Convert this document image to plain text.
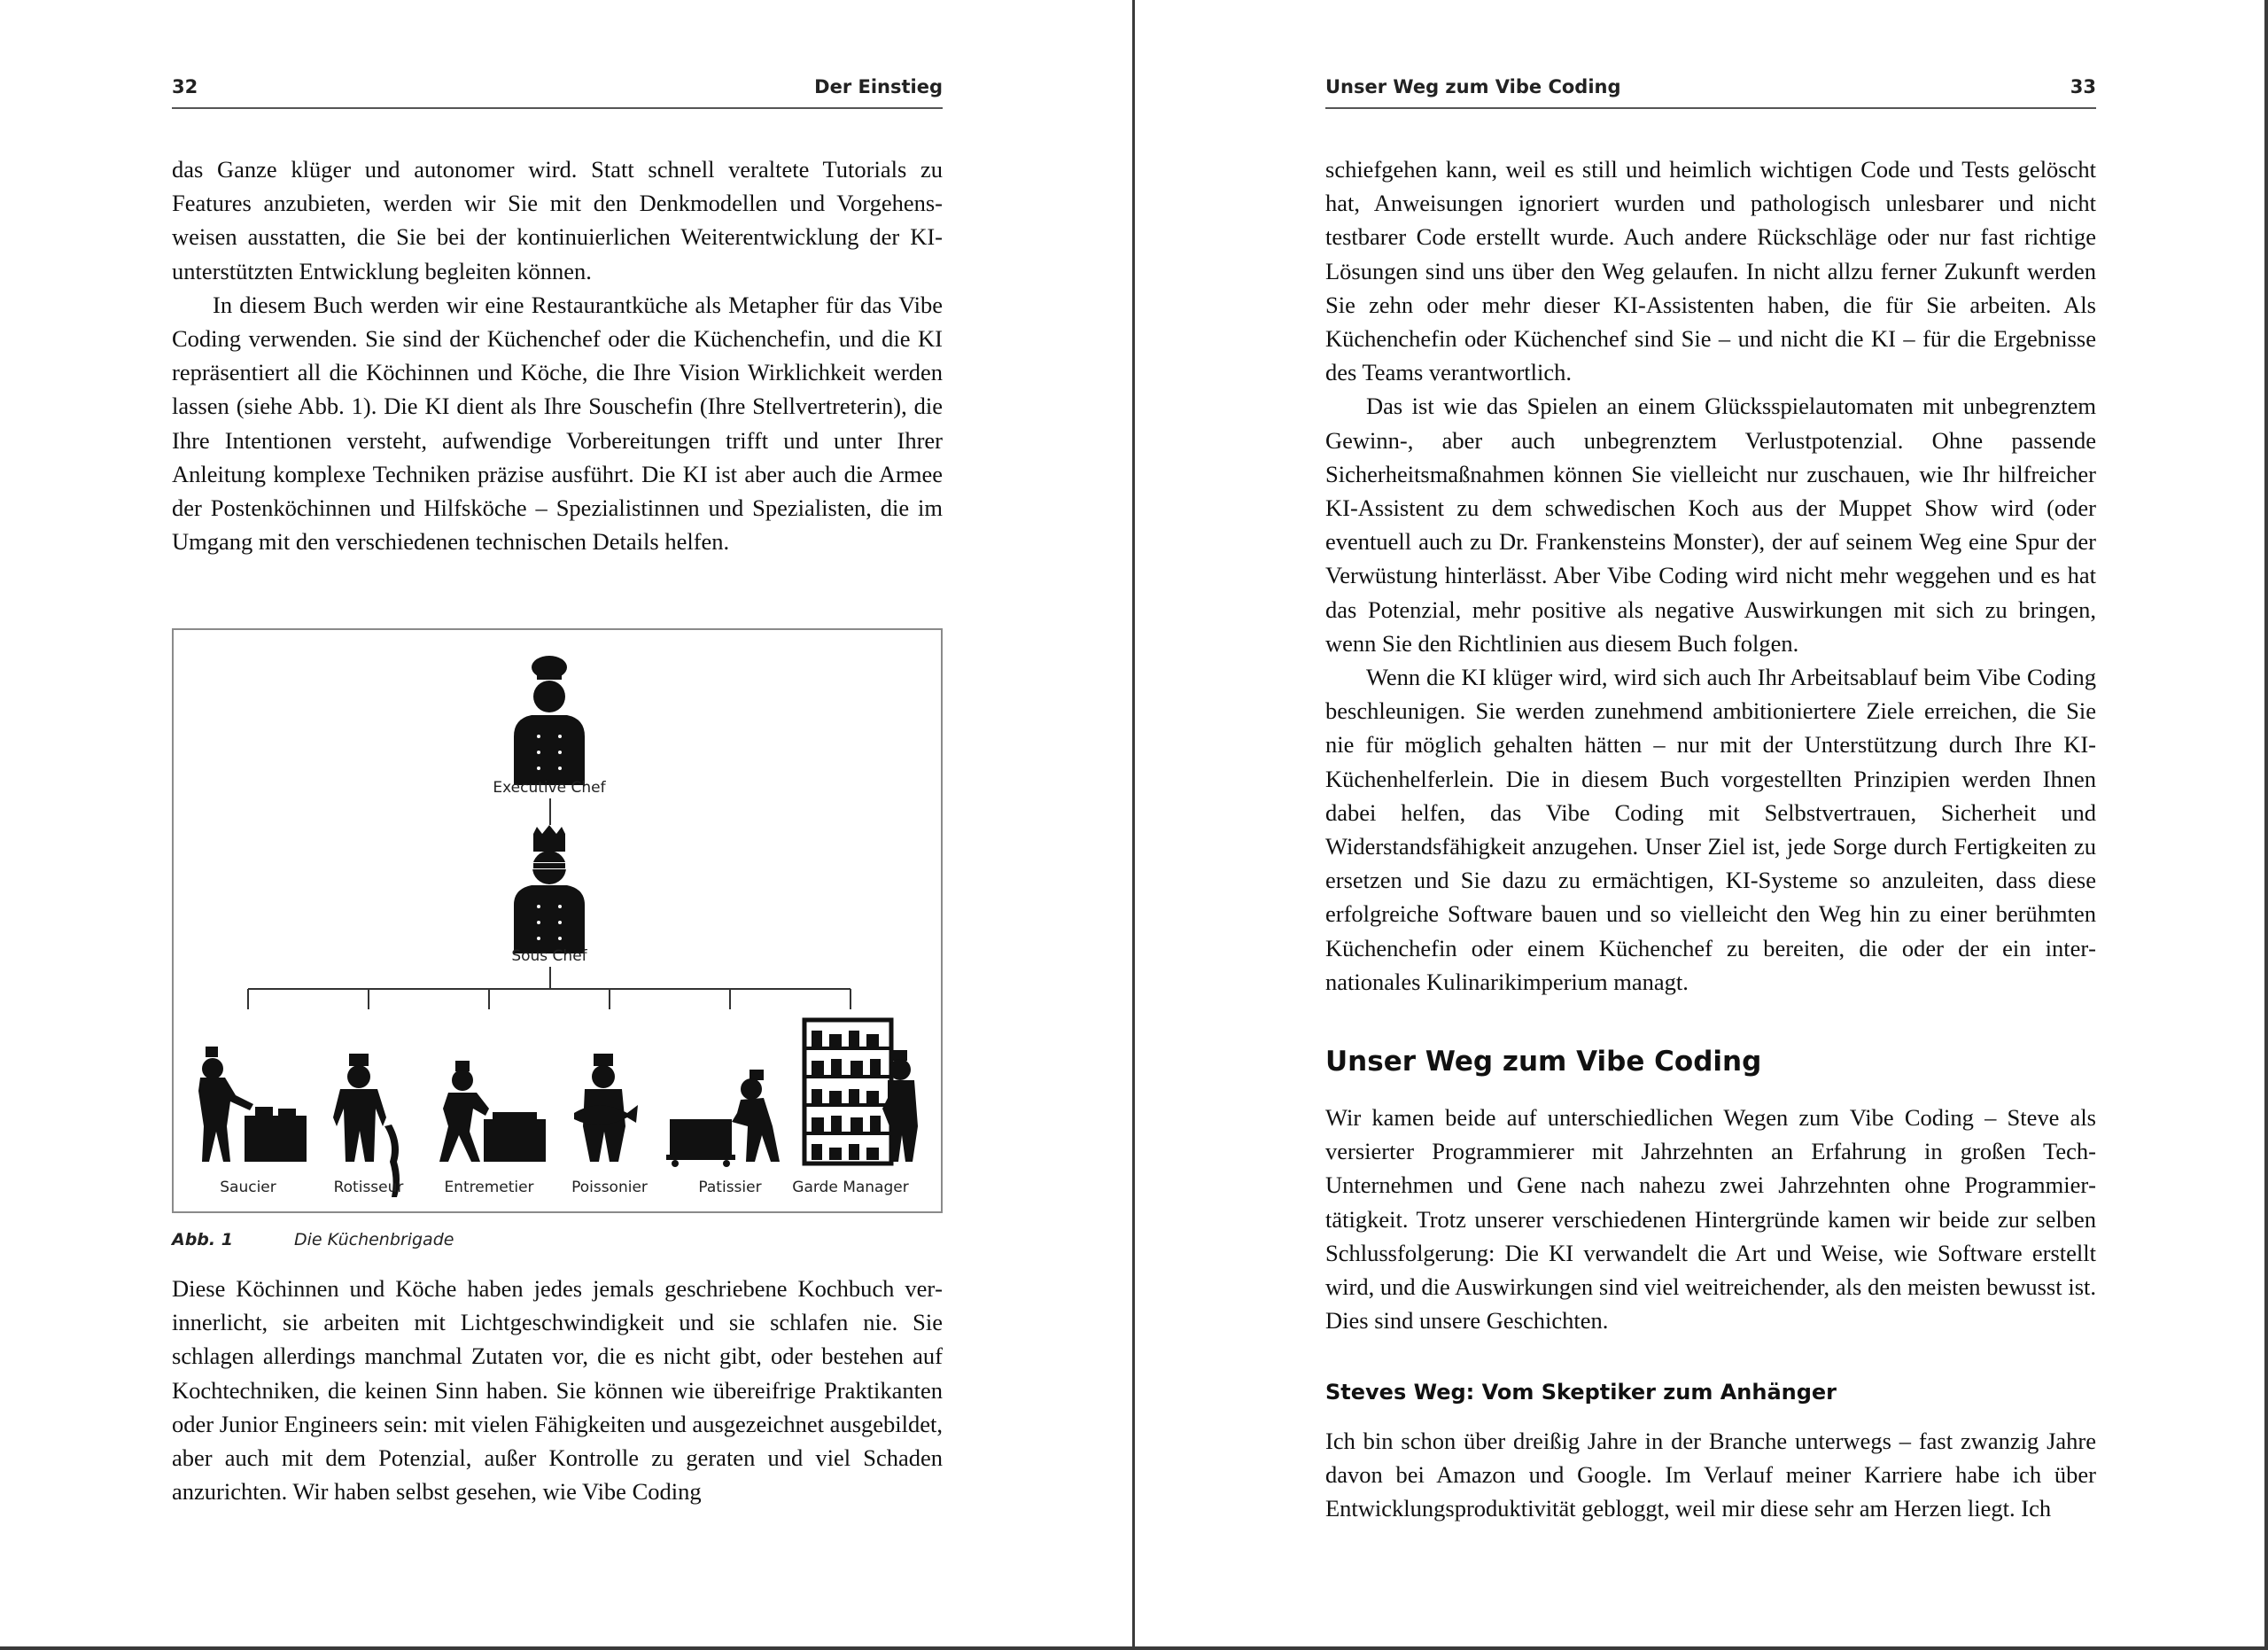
32	Der Einstieg

das Ganze klüger und autonomer wird. Statt schnell veraltete Tutorials zu Features anzubieten, werden wir Sie mit den Denkmodellen und Vorgehensweisen ausstatten, die Sie bei der kontinuierlichen Weiterentwicklung der KI-unterstützten Entwicklung begleiten können.

In diesem Buch werden wir eine Restaurantküche als Metapher für das Vibe Coding verwenden. Sie sind der Küchenchef oder die Küchenchefin, und die KI repräsentiert all die Köchinnen und Köche, die Ihre Vision Wirklichkeit werden lassen (siehe Abb. 1). Die KI dient als Ihre Souschefin (Ihre Stellvertreterin), die Ihre Intentionen versteht, aufwendige Vorbereitungen trifft und unter Ihrer Anleitung komplexe Techniken präzise ausführt. Die KI ist aber auch die Armee der Postenköchinnen und Hilfsköche – Spezialistinnen und Spezialisten, die im Umgang mit den verschiedenen technischen Details helfen.

Executive Chef
Sous Chef
Saucier	Rotisseur	Entremetier	Poissonier	Patissier Garde Manager
Abb. 1	Die Küchenbrigade

Diese Köchinnen und Köche haben jedes jemals geschriebene Kochbuch verinnerlicht, sie arbeiten mit Lichtgeschwindigkeit und sie schlafen nie. Sie schlagen allerdings manchmal Zutaten vor, die es nicht gibt, oder bestehen auf Kochtechniken, die keinen Sinn haben. Sie können wie übereifrige Praktikanten oder Junior Engineers sein: mit vielen Fähigkeiten und ausgezeichnet ausgebildet, aber auch mit dem Potenzial, außer Kontrolle zu geraten und viel Schaden anzurichten. Wir haben selbst gesehen, wie Vibe Coding

Unser Weg zum Vibe Coding	33

schiefgehen kann, weil es still und heimlich wichtigen Code und Tests gelöscht hat, Anweisungen ignoriert wurden und pathologisch unlesbarer und nicht testbarer Code erstellt wurde. Auch andere Rückschläge oder nur fast richtige Lösungen sind uns über den Weg gelaufen. In nicht allzu ferner Zukunft werden Sie zehn oder mehr dieser KI-Assistenten haben, die für Sie arbeiten. Als Küchenchefin oder Küchenchef sind Sie – und nicht die KI – für die Ergebnisse des Teams verantwortlich.

Das ist wie das Spielen an einem Glücksspielautomaten mit unbegrenztem Gewinn-, aber auch unbegrenztem Verlustpotenzial. Ohne passende Sicherheitsmaßnahmen können Sie vielleicht nur zuschauen, wie Ihr hilfreicher KI-Assistent zu dem schwedischen Koch aus der Muppet Show wird (oder eventuell auch zu Dr. Frankensteins Monster), der auf seinem Weg eine Spur der Verwüstung hinterlässt. Aber Vibe Coding wird nicht mehr weggehen und es hat das Potenzial, mehr positive als negative Auswirkungen mit sich zu bringen, wenn Sie den Richtlinien aus diesem Buch folgen.

Wenn die KI klüger wird, wird sich auch Ihr Arbeitsablauf beim Vibe Coding beschleunigen. Sie werden zunehmend ambitioniertere Ziele erreichen, die Sie nie für möglich gehalten hätten – nur mit der Unterstützung durch Ihre KI-Küchenhelferlein. Die in diesem Buch vorgestellten Prinzipien werden Ihnen dabei helfen, das Vibe Coding mit Selbstvertrauen, Sicherheit und Widerstandsfähigkeit anzugehen. Unser Ziel ist, jede Sorge durch Fertigkeiten zu ersetzen und Sie dazu zu ermächtigen, KI-Systeme so anzuleiten, dass diese erfolgreiche Software bauen und so vielleicht den Weg hin zu einer berühmten Küchenchefin oder einem Küchenchef zu bereiten, die oder der ein internationales Kulinarikimperium managt.

Unser Weg zum Vibe Coding

Wir kamen beide auf unterschiedlichen Wegen zum Vibe Coding – Steve als versierter Programmierer mit Jahrzehnten an Erfahrung in großen Tech-Unternehmen und Gene nach nahezu zwei Jahrzehnten ohne Programmiertätigkeit. Trotz unserer verschiedenen Hintergründe kamen wir beide zur selben Schlussfolgerung: Die KI verwandelt die Art und Weise, wie Software erstellt wird, und die Auswirkungen sind viel weitreichender, als den meisten bewusst ist. Dies sind unsere Geschichten.

Steves Weg: Vom Skeptiker zum Anhänger

Ich bin schon über dreißig Jahre in der Branche unterwegs – fast zwanzig Jahre davon bei Amazon und Google. Im Verlauf meiner Karriere habe ich über Entwicklungsproduktivität gebloggt, weil mir diese sehr am Herzen liegt. Ich
